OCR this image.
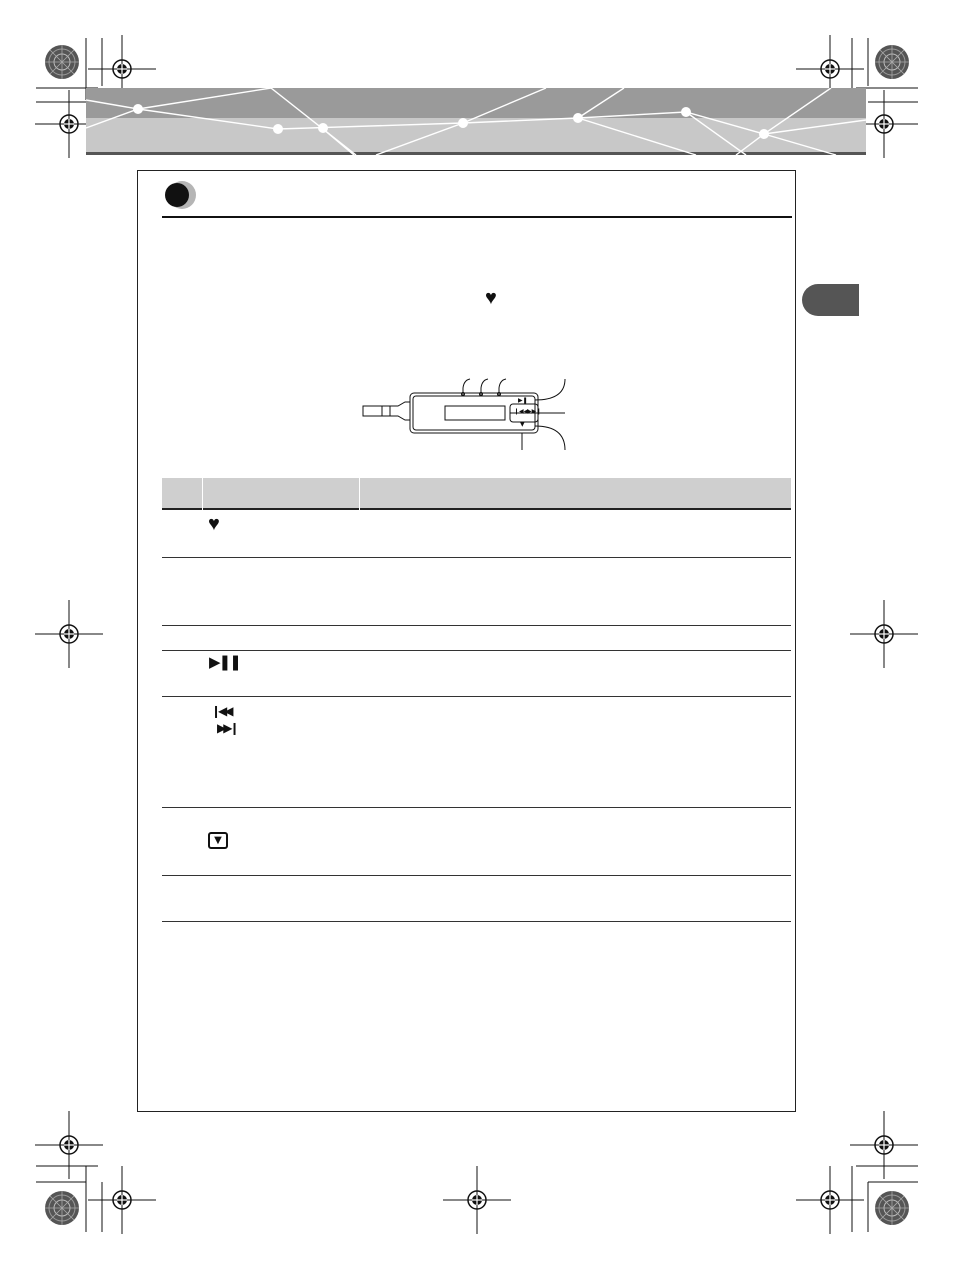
♥
▶❚
❙◀◀
▶▶❙
▼
♥
▶❚❚
❙◀◀
▶▶❙
▼
